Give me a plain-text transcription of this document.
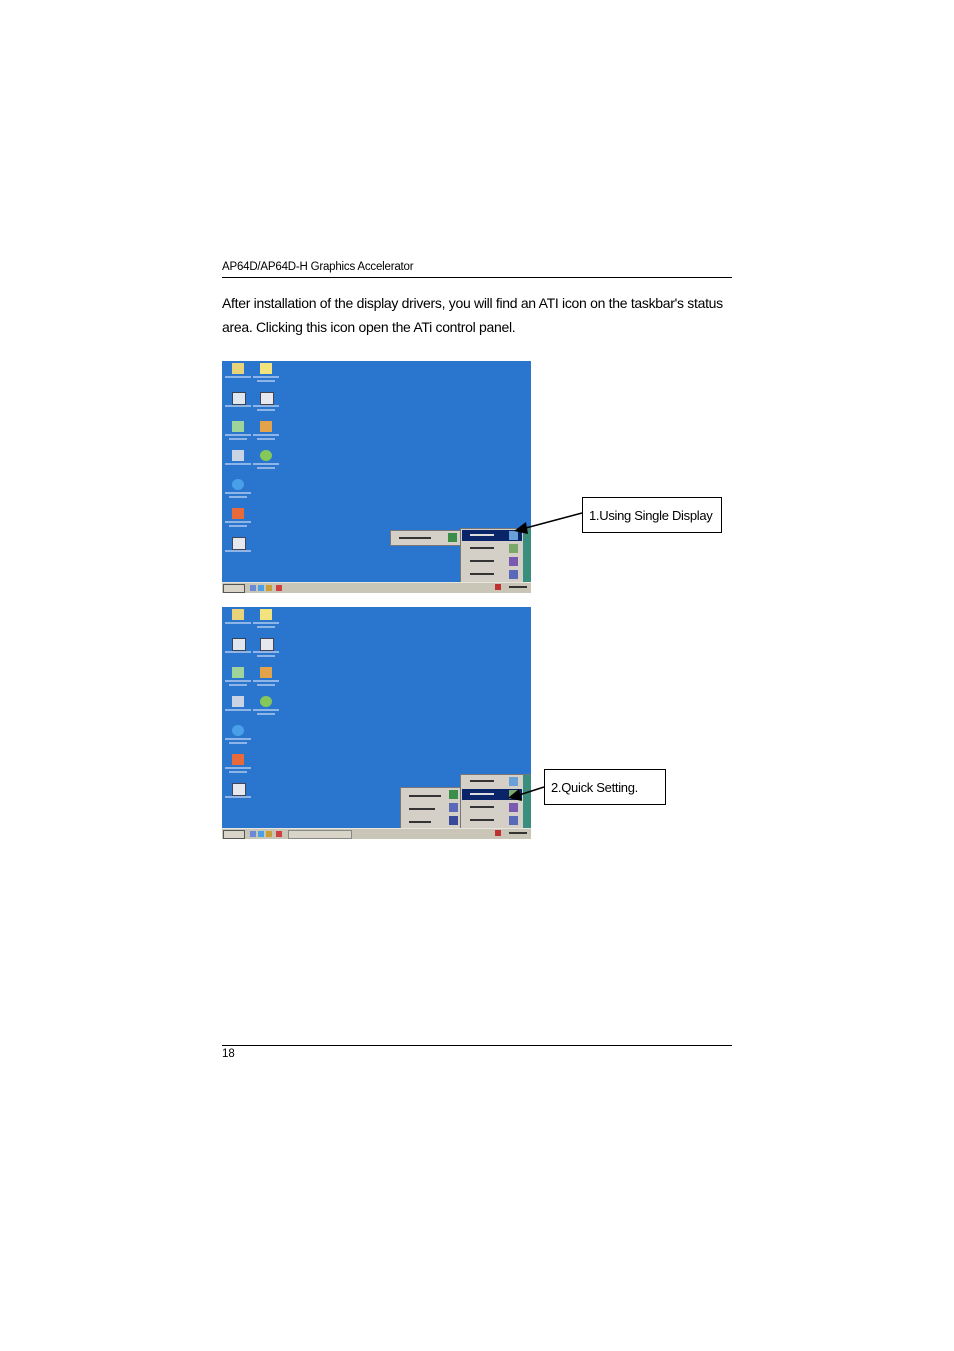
AP64D/AP64D-H Graphics Accelerator

After installation of the display drivers, you will find an ATI icon on the taskbar's status

area. Clicking this icon open the ATi control panel.

1.Using Single Display
2.Quick Setting.
18
